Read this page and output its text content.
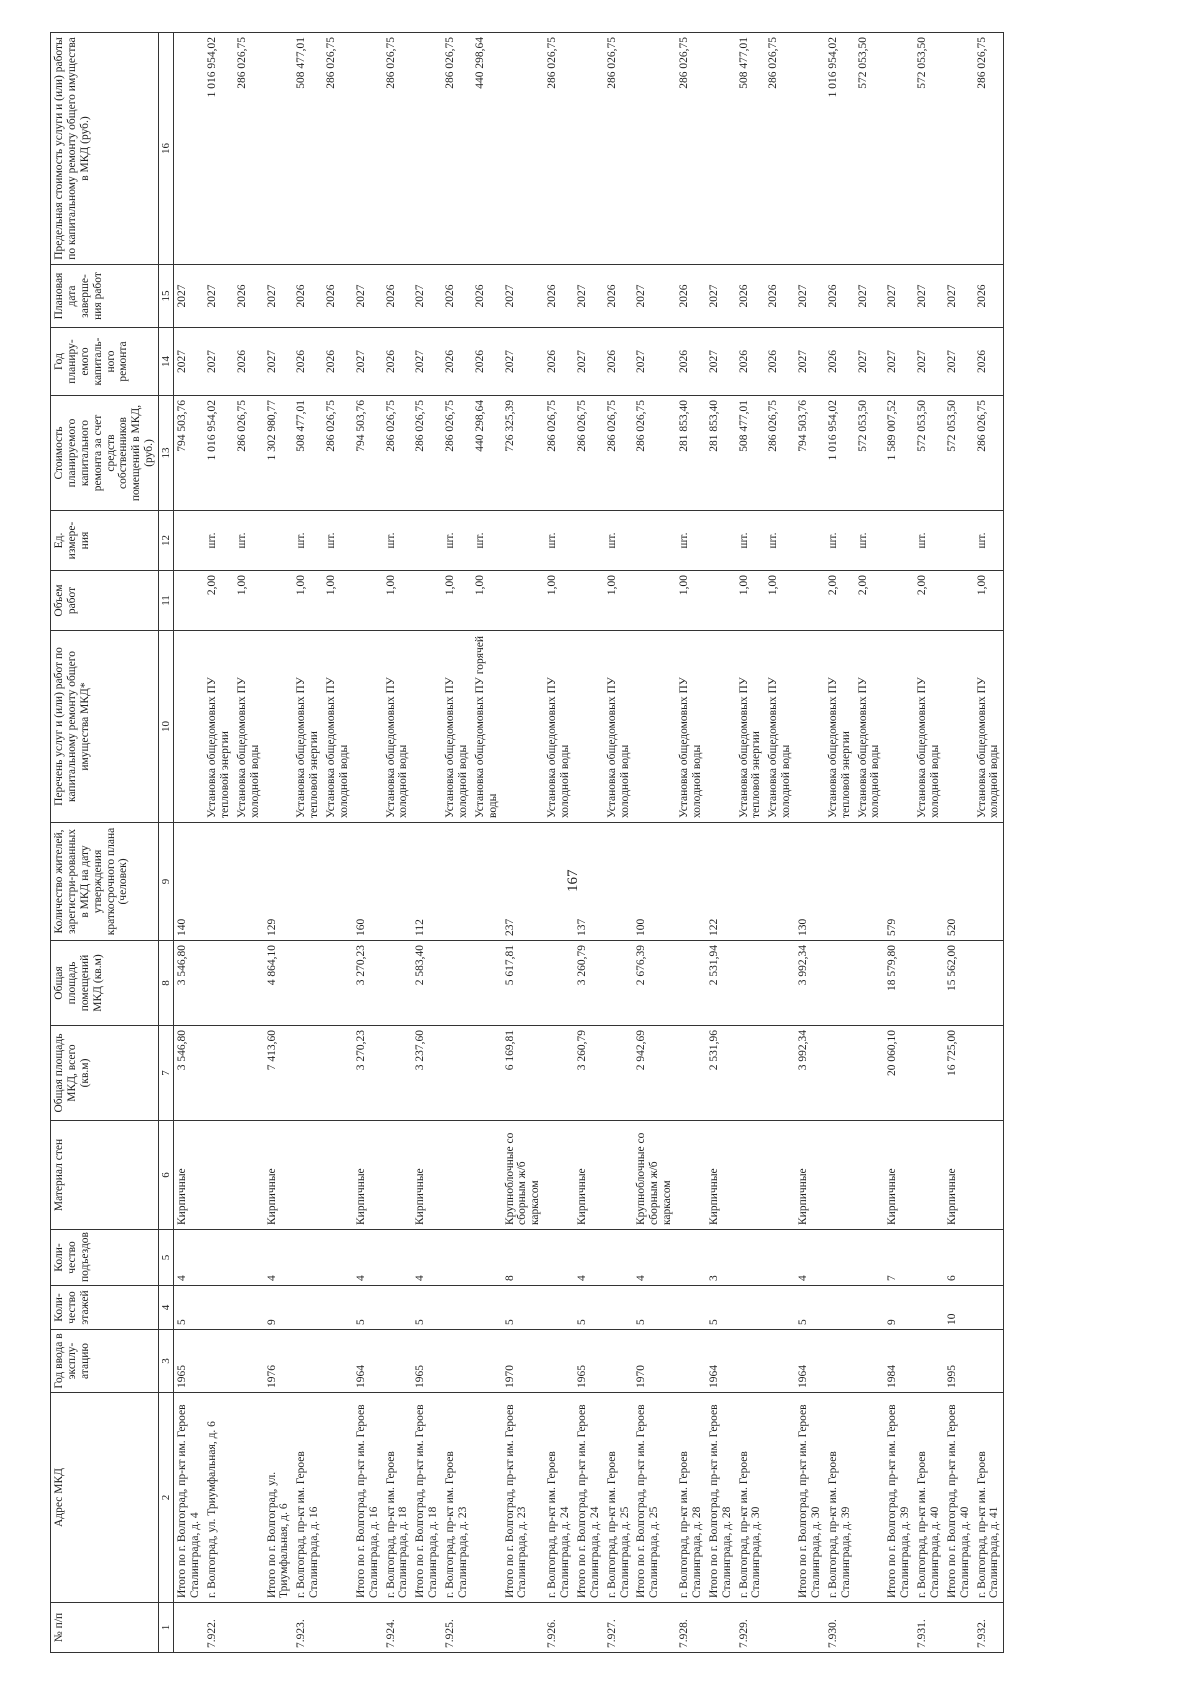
167
№ п/п	Адрес МКД	Год ввода в эксплу-атацию	Коли-чество этажей	Коли-чество подъездов	Материал стен	Общая площадь МКД, всего (кв.м)	Общая площадь помещений МКД (кв.м)	Количество жителей, зарегистри-рованных в МКД на дату утверждения краткосрочного плана (человек)	Перечень услуг и (или) работ по капитальному ремонту общего имущества МКД*	Объем работ	Ед. измере-ния	Стоимость планируемого капитального ремонта за счет средств собственников помещений в МКД, (руб.)	Год планиру-емого капиталь-ного ремонта	Плановая дата заверше-ния работ	Предельная стоимость услуги и (или) работы по капитальному ремонту общего имущества в МКД (руб.)
1	2	3	4	5	6	7	8	9	10	11	12	13	14	15	16
	Итого по г. Волгоград, пр-кт им. Героев Сталинграда, д. 4	1965	5	4	Кирпичные	3 546,80	3 546,80	140				794 503,76	2027	2027	
7.922.	г. Волгоград, ул. Триумфальная, д. 6								Установка общедомовых ПУ тепловой энергии	2,00	шт.	1 016 954,02	2027	2027	1 016 954,02
									Установка общедомовых ПУ холодной воды	1,00	шт.	286 026,75	2026	2026	286 026,75
	Итого по г. Волгоград, ул. Триумфальная, д. 6	1976	9	4	Кирпичные	7 413,60	4 864,10	129				1 302 980,77	2027	2027	
7.923.	г. Волгоград, пр-кт им. Героев Сталинграда, д. 16								Установка общедомовых ПУ тепловой энергии	1,00	шт.	508 477,01	2026	2026	508 477,01
									Установка общедомовых ПУ холодной воды	1,00	шт.	286 026,75	2026	2026	286 026,75
	Итого по г. Волгоград, пр-кт им. Героев Сталинграда, д. 16	1964	5	4	Кирпичные	3 270,23	3 270,23	160				794 503,76	2027	2027	
7.924.	г. Волгоград, пр-кт им. Героев Сталинграда, д. 18								Установка общедомовых ПУ холодной воды	1,00	шт.	286 026,75	2026	2026	286 026,75
	Итого по г. Волгоград, пр-кт им. Героев Сталинграда, д. 18	1965	5	4	Кирпичные	3 237,60	2 583,40	112				286 026,75	2027	2027	
7.925.	г. Волгоград, пр-кт им. Героев Сталинграда, д. 23								Установка общедомовых ПУ холодной воды	1,00	шт.	286 026,75	2026	2026	286 026,75
									Установка общедомовых ПУ горячей воды	1,00	шт.	440 298,64	2026	2026	440 298,64
	Итого по г. Волгоград, пр-кт им. Героев Сталинграда, д. 23	1970	5	8	Крупноблочные со сборным ж/б каркасом	6 169,81	5 617,81	237				726 325,39	2027	2027	
7.926.	г. Волгоград, пр-кт им. Героев Сталинграда, д. 24								Установка общедомовых ПУ холодной воды	1,00	шт.	286 026,75	2026	2026	286 026,75
	Итого по г. Волгоград, пр-кт им. Героев Сталинграда, д. 24	1965	5	4	Кирпичные	3 260,79	3 260,79	137				286 026,75	2027	2027	
7.927.	г. Волгоград, пр-кт им. Героев Сталинграда, д. 25								Установка общедомовых ПУ холодной воды	1,00	шт.	286 026,75	2026	2026	286 026,75
	Итого по г. Волгоград, пр-кт им. Героев Сталинграда, д. 25	1970	5	4	Крупноблочные со сборным ж/б каркасом	2 942,69	2 676,39	100				286 026,75	2027	2027	
7.928.	г. Волгоград, пр-кт им. Героев Сталинграда, д. 28								Установка общедомовых ПУ холодной воды	1,00	шт.	281 853,40	2026	2026	286 026,75
	Итого по г. Волгоград, пр-кт им. Героев Сталинграда, д. 28	1964	5	3	Кирпичные	2 531,96	2 531,94	122				281 853,40	2027	2027	
7.929.	г. Волгоград, пр-кт им. Героев Сталинграда, д. 30								Установка общедомовых ПУ тепловой энергии	1,00	шт.	508 477,01	2026	2026	508 477,01
									Установка общедомовых ПУ холодной воды	1,00	шт.	286 026,75	2026	2026	286 026,75
	Итого по г. Волгоград, пр-кт им. Героев Сталинграда, д. 30	1964	5	4	Кирпичные	3 992,34	3 992,34	130				794 503,76	2027	2027	
7.930.	г. Волгоград, пр-кт им. Героев Сталинграда, д. 39								Установка общедомовых ПУ тепловой энергии	2,00	шт.	1 016 954,02	2026	2026	1 016 954,02
									Установка общедомовых ПУ холодной воды	2,00	шт.	572 053,50	2027	2027	572 053,50
	Итого по г. Волгоград, пр-кт им. Героев Сталинграда, д. 39	1984	9	7	Кирпичные	20 060,10	18 579,80	579				1 589 007,52	2027	2027	
7.931.	г. Волгоград, пр-кт им. Героев Сталинграда, д. 40								Установка общедомовых ПУ холодной воды	2,00	шт.	572 053,50	2027	2027	572 053,50
	Итого по г. Волгоград, пр-кт им. Героев Сталинграда, д. 40	1995	10	6	Кирпичные	16 725,00	15 562,00	520				572 053,50	2027	2027	
7.932.	г. Волгоград, пр-кт им. Героев Сталинграда, д. 41								Установка общедомовых ПУ холодной воды	1,00	шт.	286 026,75	2026	2026	286 026,75
